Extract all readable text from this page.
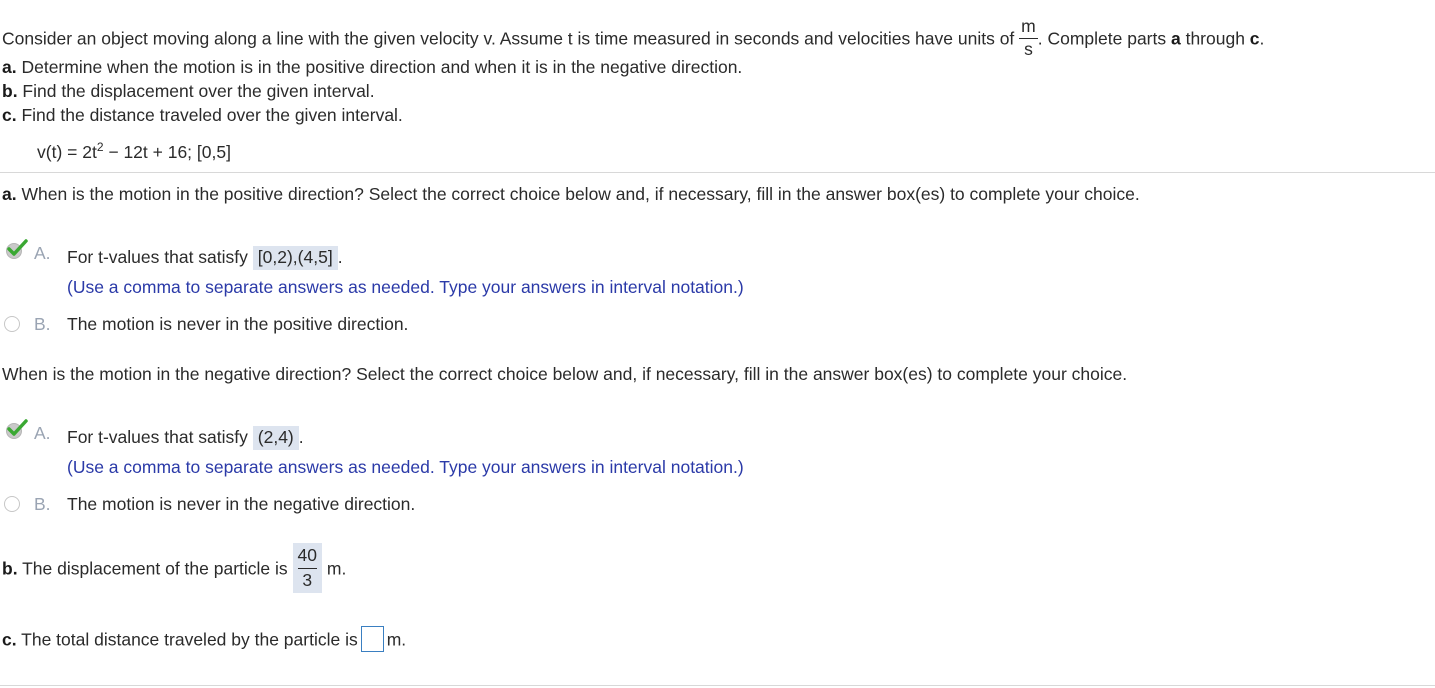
Consider an object moving along a line with the given velocity v. Assume t is time measured in seconds and velocities have units of $\frac{m}{s}$ . Complete parts a through c.
a. Determine when the motion is in the positive direction and when it is in the negative direction.
b. Find the displacement over the given interval.
c. Find the distance traveled over the given interval.
$v(t) = 2t^2 - 12t + 16$; [0,5]
a. When is the motion in the positive direction? Select the correct choice below and, if necessary, fill in the answer box(es) to complete your choice.
A. For t-values that satisfy [0,2),(4,5] .
(Use a comma to separate answers as needed. Type your answers in interval notation.)
B. The motion is never in the positive direction.
When is the motion in the negative direction? Select the correct choice below and, if necessary, fill in the answer box(es) to complete your choice.
A. For t-values that satisfy (2,4) .
(Use a comma to separate answers as needed. Type your answers in interval notation.)
B. The motion is never in the negative direction.
b. The displacement of the particle is $\frac{40}{3} m$.
c. The total distance traveled by the particle is m.
